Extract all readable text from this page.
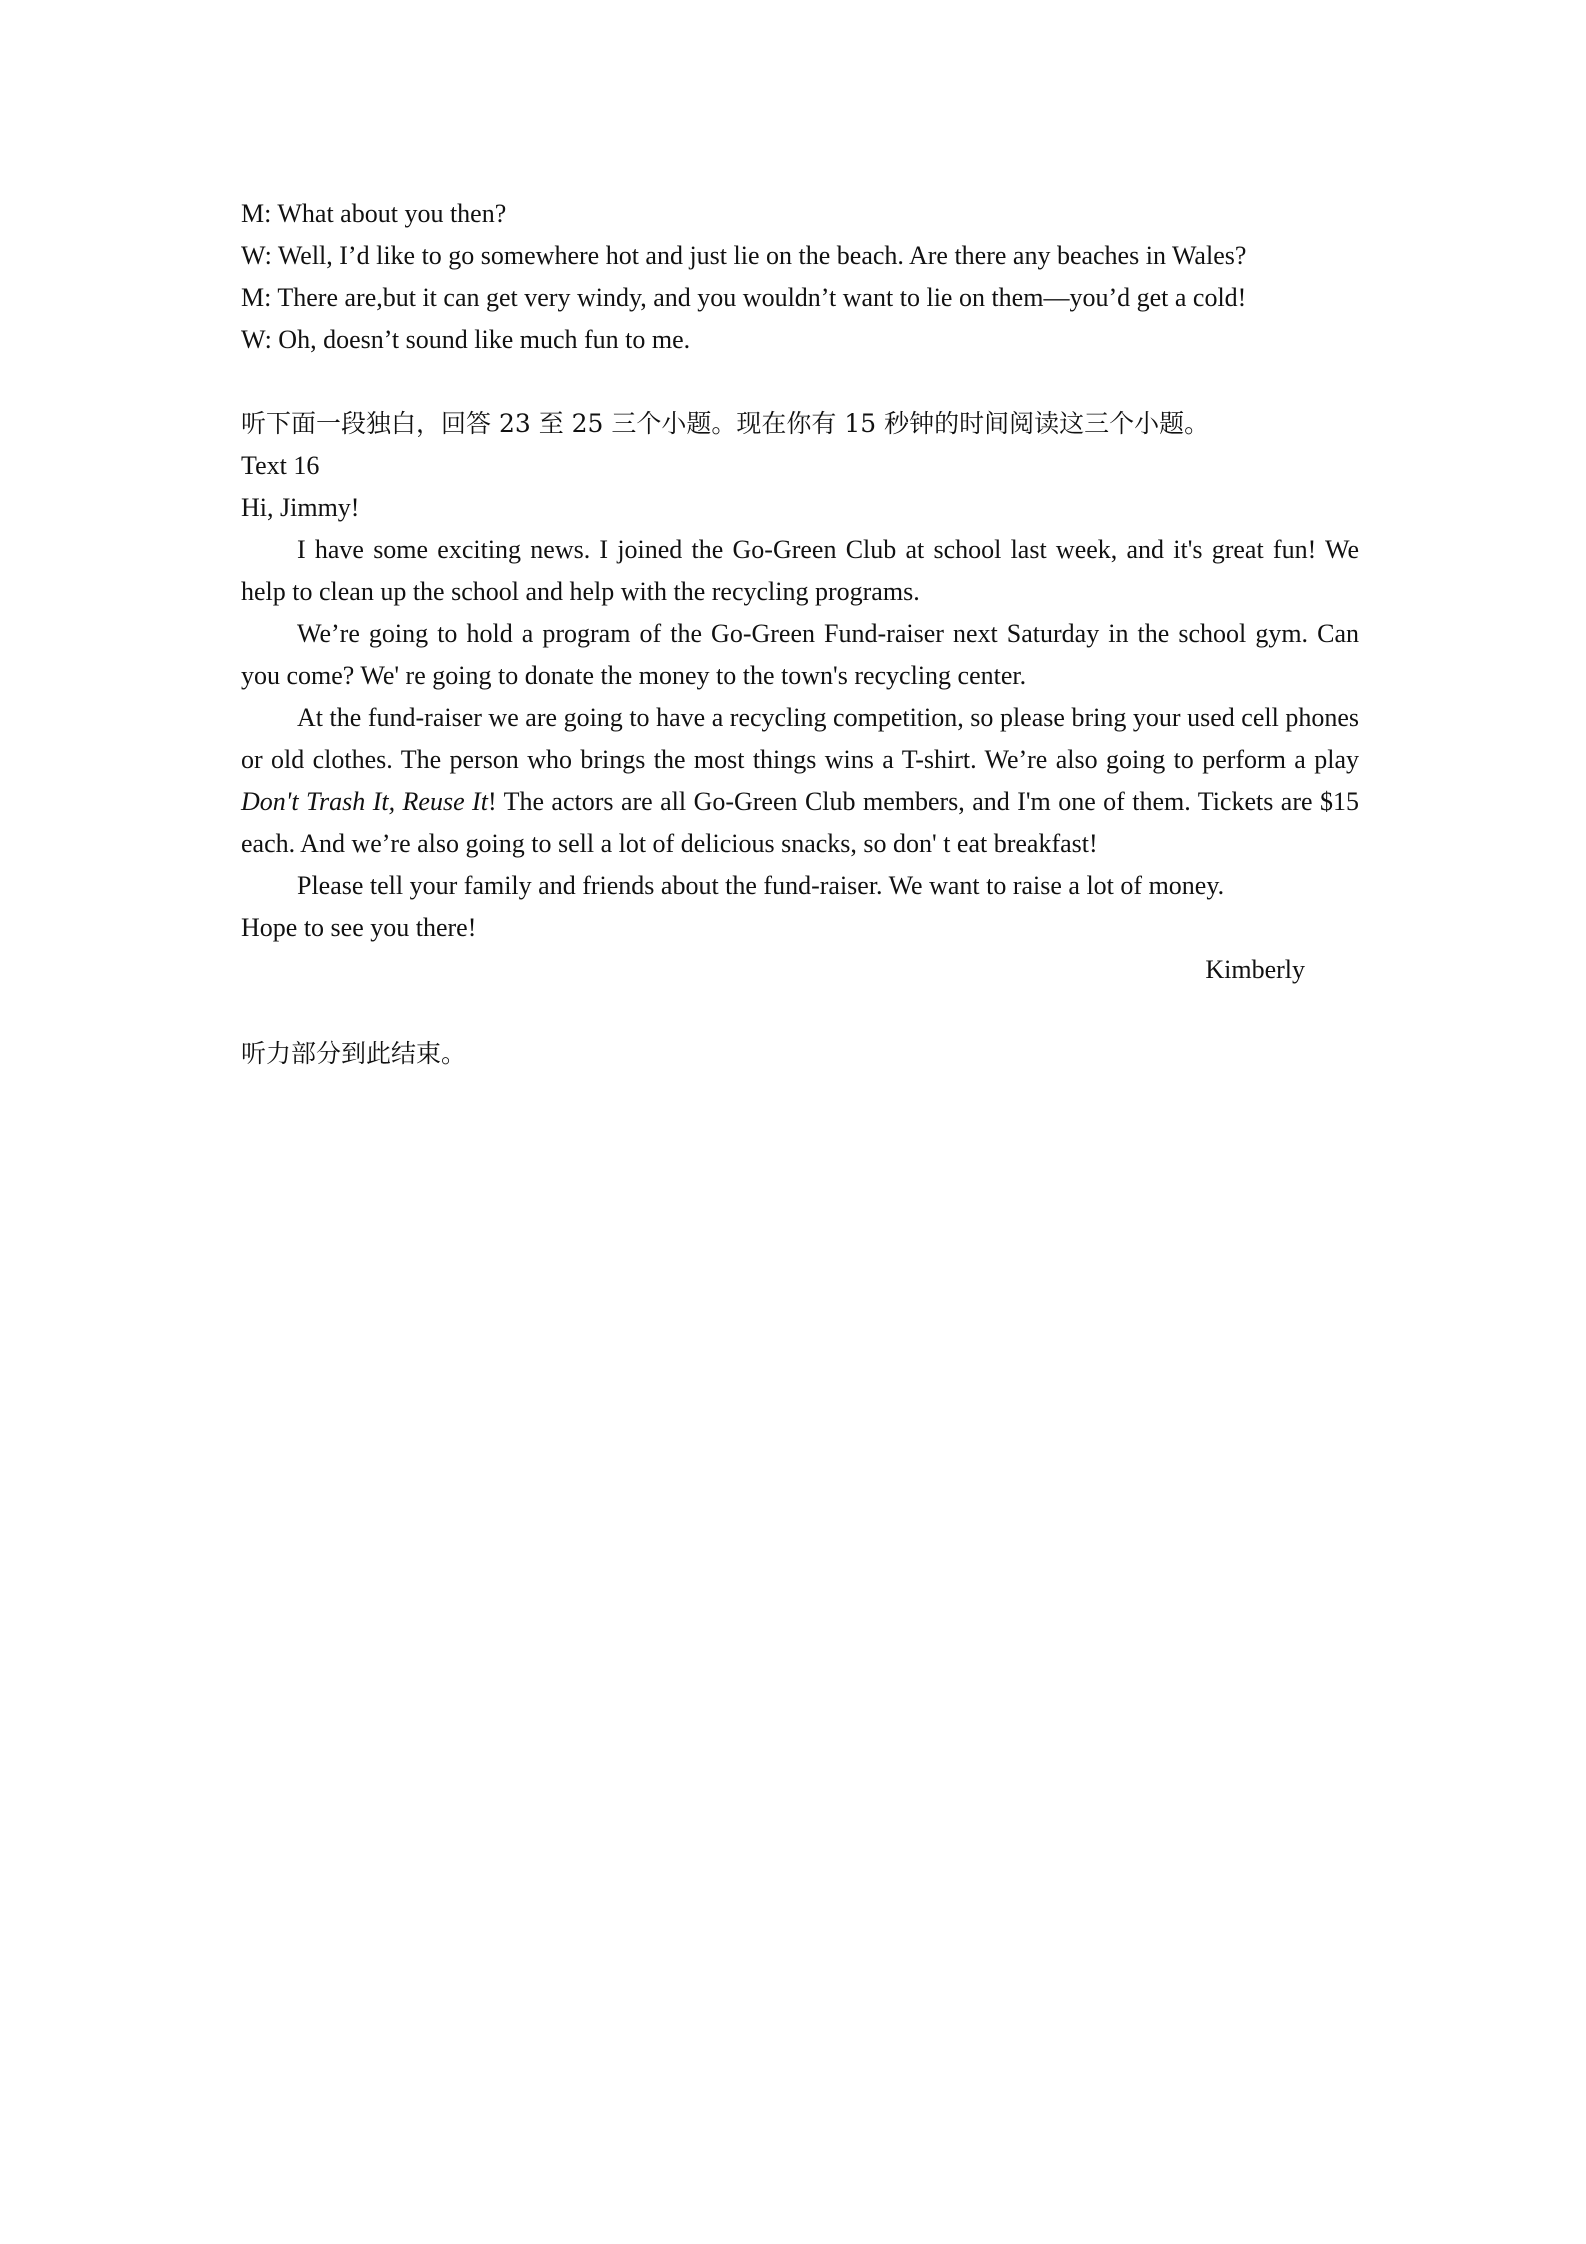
M: What about you then?

W: Well, I’d like to go somewhere hot and just lie on the beach. Are there any beaches in Wales?

M: There are,but it can get very windy, and you wouldn’t want to lie on them—you’d get a cold!

W: Oh, doesn’t sound like much fun to me.

听下面一段独白，回答 23 至 25 三个小题。现在你有 15 秒钟的时间阅读这三个小题。

Text 16

Hi, Jimmy!

I have some exciting news. I joined the Go-Green Club at school last week, and it's great fun! We help to clean up the school and help with the recycling programs.

We’re going to hold a program of the Go-Green Fund-raiser next Saturday in the school gym. Can you come? We' re going to donate the money to the town's recycling center.

At the fund-raiser we are going to have a recycling competition, so please bring your used cell phones or old clothes. The person who brings the most things wins a T-shirt. We’re also going to perform a play Don't Trash It, Reuse It! The actors are all Go-Green Club members, and I'm one of them. Tickets are $15 each. And we’re also going to sell a lot of delicious snacks, so don' t eat breakfast!

Please tell your family and friends about the fund-raiser. We want to raise a lot of money.

Hope to see you there!

Kimberly

听力部分到此结束。
